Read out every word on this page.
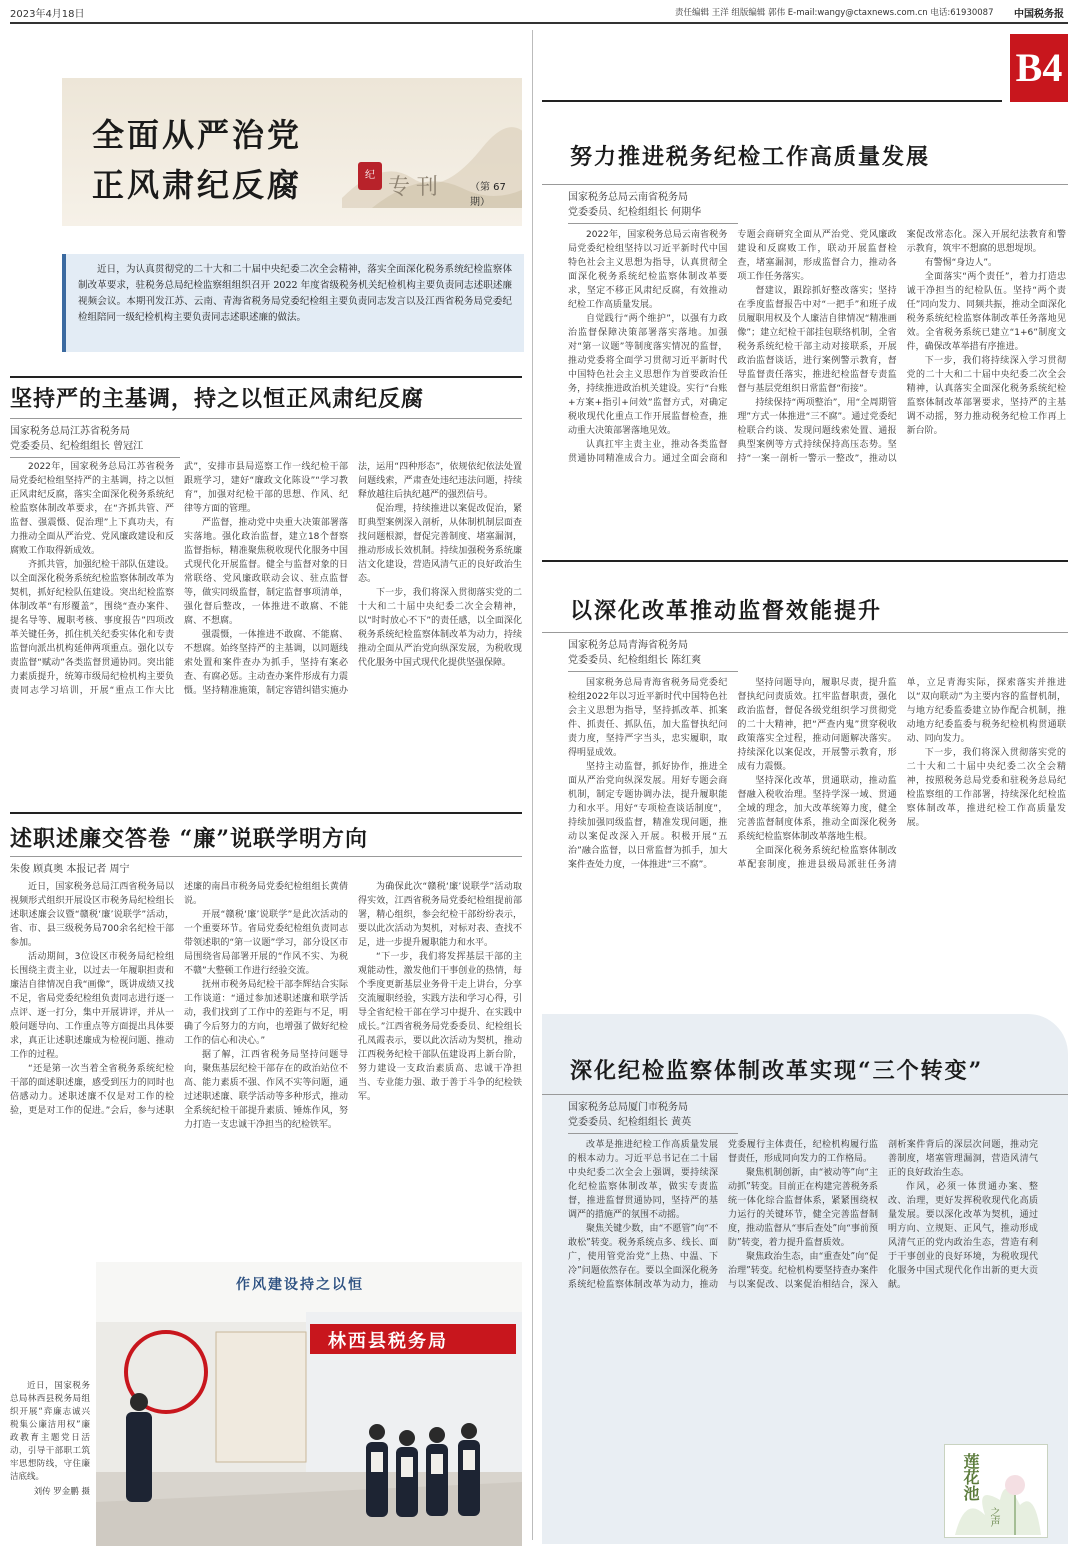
2023年4月18日	责任编辑 王洋 组版编辑 郭伟 E-mail:wangy@ctaxnews.com.cn 电话:61930087 中国税务报
B4
全面从严治党
正风肃纪反腐	纪 专刊	（第 67 期）

近日，为认真贯彻党的二十大和二十届中央纪委二次全会精神，落实全面深化税务系统纪检监察体制改革要求，驻税务总局纪检监察组组织召开 2022 年度省级税务机关纪检机构主要负责同志述职述廉视频会议。本期刊发江苏、云南、青海省税务局党委纪检组主要负责同志发言以及江西省税务局党委纪检组陪同一级纪检机构主要负责同志述职述廉的做法。

坚持严的主基调，持之以恒正风肃纪反腐
国家税务总局江苏省税务局
党委委员、纪检组组长 曾冠江

2022年，国家税务总局江苏省税务局党委纪检组坚持严的主基调，持之以恒正风肃纪反腐，落实全面深化税务系统纪检监察体制改革要求，在“齐抓共管、严监督、强震慑、促治理”上下真功夫，有力推动全面从严治党、党风廉政建设和反腐败工作取得新成效。

齐抓共管，加强纪检干部队伍建设。以全面深化税务系统纪检监察体制改革为契机，抓好纪检队伍建设。突出纪检监察体制改革“有形覆盖”，围绕“查办案件、提名导等、履职考核、事度报告”四项改革关键任务，抓住机关纪委实体化和专责监督向派出机构延伸两项重点。强化以专责监督“赋动”各类监督贯通协同。突出能力素质提升，统筹市级局纪检机构主要负责同志学习培训，开展“重点工作大比武”，安排市县局巡察工作一线纪检干部跟班学习，建好“廉政文化陈设”“学习教育”，加强对纪检干部的思想、作风、纪律等方面的管理。

严监督，推动党中央重大决策部署落实落地。强化政治监督，建立18个督察监督指标，精准聚焦税收现代化服务中国式现代化开展监督。健全与监督对象的日常联络、党风廉政联动会议、驻点监督等，做实同级监督，制定监督事项清单，强化督后整改，一体推进不敢腐、不能腐、不想腐。

强震慑，一体推进不敢腐、不能腐、不想腐。始终坚持严的主基调，以同题线索处置和案件查办为抓手，坚持有案必查、有腐必惩。主动查办案件形成有力震慑。坚持精准施策，制定容错纠错实施办法，运用“四种形态”，依规依纪依法处置问题线索，严肃查处违纪违法问题，持续释放越往后执纪越严的强烈信号。

促治理，持续推进以案促改促治，紧盯典型案例深入剖析，从体制机制层面查找问题根源，督促完善制度、堵塞漏洞，推动形成长效机制。持续加强税务系统廉洁文化建设，营造风清气正的良好政治生态。

下一步，我们将深入贯彻落实党的二十大和二十届中央纪委二次全会精神，以“时时放心不下”的责任感，以全面深化税务系统纪检监察体制改革为动力，持续推动全面从严治党向纵深发展，为税收现代化服务中国式现代化提供坚强保障。

述职述廉交答卷 “廉”说联学明方向
朱俊 顾真奥 本报记者 周宁

近日，国家税务总局江西省税务局以视频形式组织开展设区市税务局纪检组长述职述廉会议暨“赣税‘廉’说联学”活动，省、市、县三级税务局700余名纪检干部参加。

活动期间，3位设区市税务局纪检组长围绕主责主业，以过去一年履职担责和廉洁自律情况自我“画像”，既讲成绩又找不足，省局党委纪检组负责同志进行逐一点评、逐一打分，集中开展讲评，并从一般问题导向、工作重点等方面提出具体要求，真正让述职述廉成为检视问题、推动工作的过程。

“还是第一次当着全省税务系统纪检干部的面述职述廉，感受到压力的同时也倍感动力。述职述廉不仅是对工作的检验，更是对工作的促进。”会后，参与述职述廉的南昌市税务局党委纪检组组长黄倩说。

开展“赣税‘廉’说联学”是此次活动的一个重要环节。省局党委纪检组负责同志带领述职的“第一议题”学习，部分设区市局围绕省局部署开展的“作风不实、为税不赣”大整顿工作进行经验交流。

抚州市税务局纪检干部李辉结合实际工作谈道：“通过参加述职述廉和联学活动，我们找到了工作中的差距与不足，明确了今后努力的方向，也增强了做好纪检工作的信心和决心。”

据了解，江西省税务局坚持问题导向，聚焦基层纪检干部存在的政治站位不高、能力素质不强、作风不实等问题，通过述职述廉、联学活动等多种形式，推动全系统纪检干部提升素质、锤炼作风，努力打造一支忠诚干净担当的纪检铁军。

为确保此次“赣税‘廉’说联学”活动取得实效，江西省税务局党委纪检组提前部署，精心组织，参会纪检干部纷纷表示，要以此次活动为契机，对标对表、查找不足，进一步提升履职能力和水平。

“下一步，我们将发挥基层干部的主观能动性，激发他们干事创业的热情，每个季度更新基层业务骨干走上讲台，分享交流履职经验，实践方法和学习心得，引导全省纪检干部在学习中提升、在实践中成长。”江西省税务局党委委员、纪检组长孔凤霞表示，要以此次活动为契机，推动江西税务纪检干部队伍建设再上新台阶，努力建设一支政治素质高、忠诚干净担当、专业能力强、敢于善于斗争的纪检铁军。

林西县税务局
作风建设持之以恒

近日，国家税务总局林西县税务局组织开展“弈廉志诚兴税集公廉洁用权”廉政教育主题党日活动，引导干部职工筑牢思想防线，守住廉洁底线。

刘传 罗金鹏 摄

努力推进税务纪检工作高质量发展
国家税务总局云南省税务局
党委委员、纪检组组长 何期华

2022年，国家税务总局云南省税务局党委纪检组坚持以习近平新时代中国特色社会主义思想为指导，认真贯彻全面深化税务系统纪检监察体制改革要求，坚定不移正风肃纪反腐，有效推动纪检工作高质量发展。

自觉践行“两个维护”，以强有力政治监督保障决策部署落实落地。加强对“第一议题”等制度落实情况的监督，推动党委将全面学习贯彻习近平新时代中国特色社会主义思想作为首要政治任务，持续推进政治机关建设。实行“台账+方案+指引+问效”监督方式，对确定税收现代化重点工作开展监督检查，推动重大决策部署落地见效。

认真扛牢主责主业，推动各类监督贯通协同精准成合力。通过全面会商和专题会商研究全面从严治党、党风廉政建设和反腐败工作，联动开展监督检查，堵塞漏洞，形成监督合力，推动各项工作任务落实。

督建议，跟踪抓好整改落实；坚持在季度监督报告中对“一把手”和班子成员履职用权及个人廉洁自律情况“精准画像”；建立纪检干部挂包联络机制，全省税务系统纪检干部主动对接联系，开展政治监督谈话，进行案例警示教育，督导监督责任落实，推进纪检监督专责监督与基层党组织日常监督“衔接”。

持续保持“两项整治”，用“全周期管理”方式一体推进“三不腐”。通过党委纪检联合约谈、发现问题线索处置、通报典型案例等方式持续保持高压态势。坚持“一案一剖析一警示一整改”，推动以案促改常态化。深入开展纪法教育和警示教育，筑牢不想腐的思想堤坝。

有警惕“身边人”。

全面落实“两个责任”，着力打造忠诚干净担当的纪检队伍。坚持“两个责任”同向发力、同频共振，推动全面深化税务系统纪检监察体制改革任务落地见效。全省税务系统已建立“1+6”制度文件，确保改革举措有序推进。

下一步，我们将持续深入学习贯彻党的二十大和二十届中央纪委二次全会精神，认真落实全面深化税务系统纪检监察体制改革部署要求，坚持严的主基调不动摇，努力推动税务纪检工作再上新台阶。

以深化改革推动监督效能提升
国家税务总局青海省税务局
党委委员、纪检组组长 陈红爽

国家税务总局青海省税务局党委纪检组2022年以习近平新时代中国特色社会主义思想为指导，坚持抓改革、抓案件、抓责任、抓队伍，加大监督执纪问责力度，坚持严字当头，忠实履职，取得明显成效。

坚持主动监督，抓好协作，推进全面从严治党向纵深发展。用好专题会商机制，制定专题协调办法，提升履职能力和水平。用好“专项检查谈话制度”，持续加强同级监督，精准发现问题，推动以案促改深入开展。积极开展“五治”融合监督，以日常监督为抓手，加大案件查处力度，一体推进“三不腐”。

坚持问题导向，履职尽责，提升监督执纪问责质效。扛牢监督职责，强化政治监督，督促各级党组织学习贯彻党的二十大精神，把“严查内鬼”贯穿税收政策落实全过程，推动问题解决落实。持续深化以案促改，开展警示教育，形成有力震慑。

坚持深化改革，贯通联动，推动监督融入税收治理。坚持学深一域、贯通全域的理念，加大改革统筹力度，健全完善监督制度体系，推动全面深化税务系统纪检监察体制改革落地生根。

全面深化税务系统纪检监察体制改革配套制度，推进县级局派驻任务清单，立足青海实际，探索落实并推进以“双向联动”为主要内容的监督机制，与地方纪委监委建立协作配合机制，推动地方纪委监委与税务纪检机构贯通联动、同向发力。

下一步，我们将深入贯彻落实党的二十大和二十届中央纪委二次全会精神，按照税务总局党委和驻税务总局纪检监察组的工作部署，持续深化纪检监察体制改革，推进纪检工作高质量发展。

深化纪检监察体制改革实现“三个转变”
国家税务总局厦门市税务局
党委委员、纪检组组长 黄英

改革是推进纪检工作高质量发展的根本动力。习近平总书记在二十届中央纪委二次全会上强调，要持续深化纪检监察体制改革，做实专责监督，推进监督贯通协同，坚持严的基调严的措施严的氛围不动摇。

聚焦关键少数，由“不愿管”向“不敢松”转变。税务系统点多、线长、面广，使用管党治党“上热、中温、下冷”问题依然存在。要以全面深化税务系统纪检监察体制改革为动力，推动党委履行主体责任，纪检机构履行监督责任，形成同向发力的工作格局。

聚焦机制创新，由“被动等”向“主动抓”转变。目前正在构建完善税务系统一体化综合监督体系，紧紧围绕权力运行的关键环节，健全完善监督制度，推动监督从“事后查处”向“事前预防”转变，着力提升监督质效。

聚焦政治生态，由“重查处”向“促治理”转变。纪检机构要坚持查办案件与以案促改、以案促治相结合，深入剖析案件背后的深层次问题，推动完善制度，堵塞管理漏洞，营造风清气正的良好政治生态。

作风，必须一体贯通办案、整改、治理，更好发挥税收现代化高质量发展。要以深化改革为契机，通过明方向、立规矩、正风气，推动形成风清气正的党内政治生态，营造有利于干事创业的良好环境，为税收现代化服务中国式现代化作出新的更大贡献。

莲花池
之声
